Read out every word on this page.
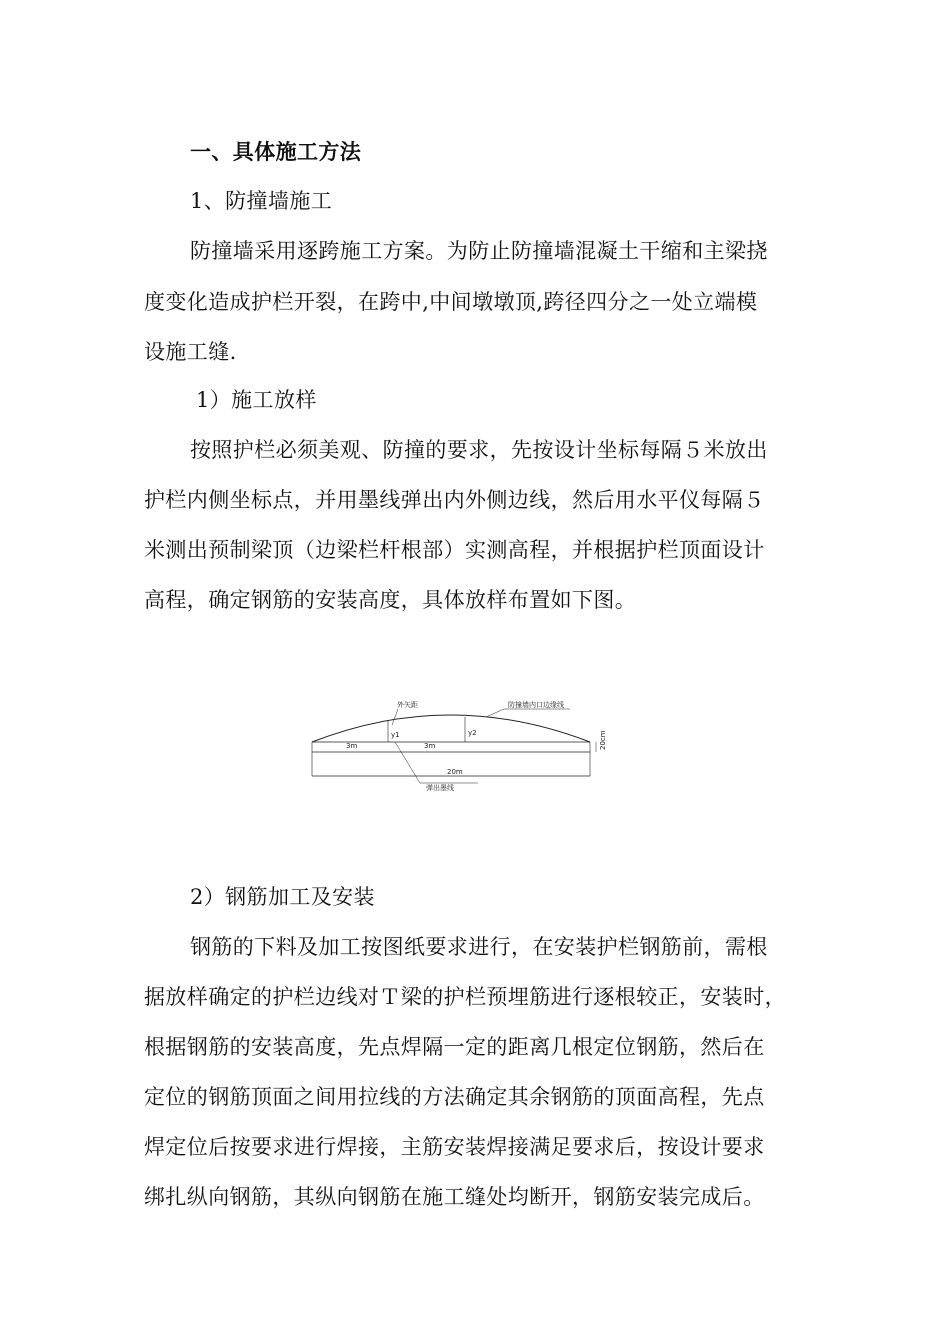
一、具体施工方法
1、防撞墙施工
防撞墙采用逐跨施工方案。为防止防撞墙混凝土干缩和主梁挠
度变化造成护栏开裂，在跨中,中间墩墩顶,跨径四分之一处立端模
设施工缝.
1）施工放样
按照护栏必须美观、防撞的要求，先按设计坐标每隔５米放出
护栏内侧坐标点，并用墨线弹出内外侧边线，然后用水平仪每隔５
米测出预制梁顶（边梁栏杆根部）实测高程，并根据护栏顶面设计
高程，确定钢筋的安装高度，具体放样布置如下图。
外矢距	防撞墙内口边缘线
3m
y1
3m
y2	20cm
20m
弹出墨线
2）钢筋加工及安装
钢筋的下料及加工按图纸要求进行，在安装护栏钢筋前，需根
据放样确定的护栏边线对Ｔ梁的护栏预埋筋进行逐根较正，安装时，
根据钢筋的安装高度，先点焊隔一定的距离几根定位钢筋，然后在
定位的钢筋顶面之间用拉线的方法确定其余钢筋的顶面高程，先点
焊定位后按要求进行焊接，主筋安装焊接满足要求后，按设计要求
绑扎纵向钢筋，其纵向钢筋在施工缝处均断开，钢筋安装完成后。
